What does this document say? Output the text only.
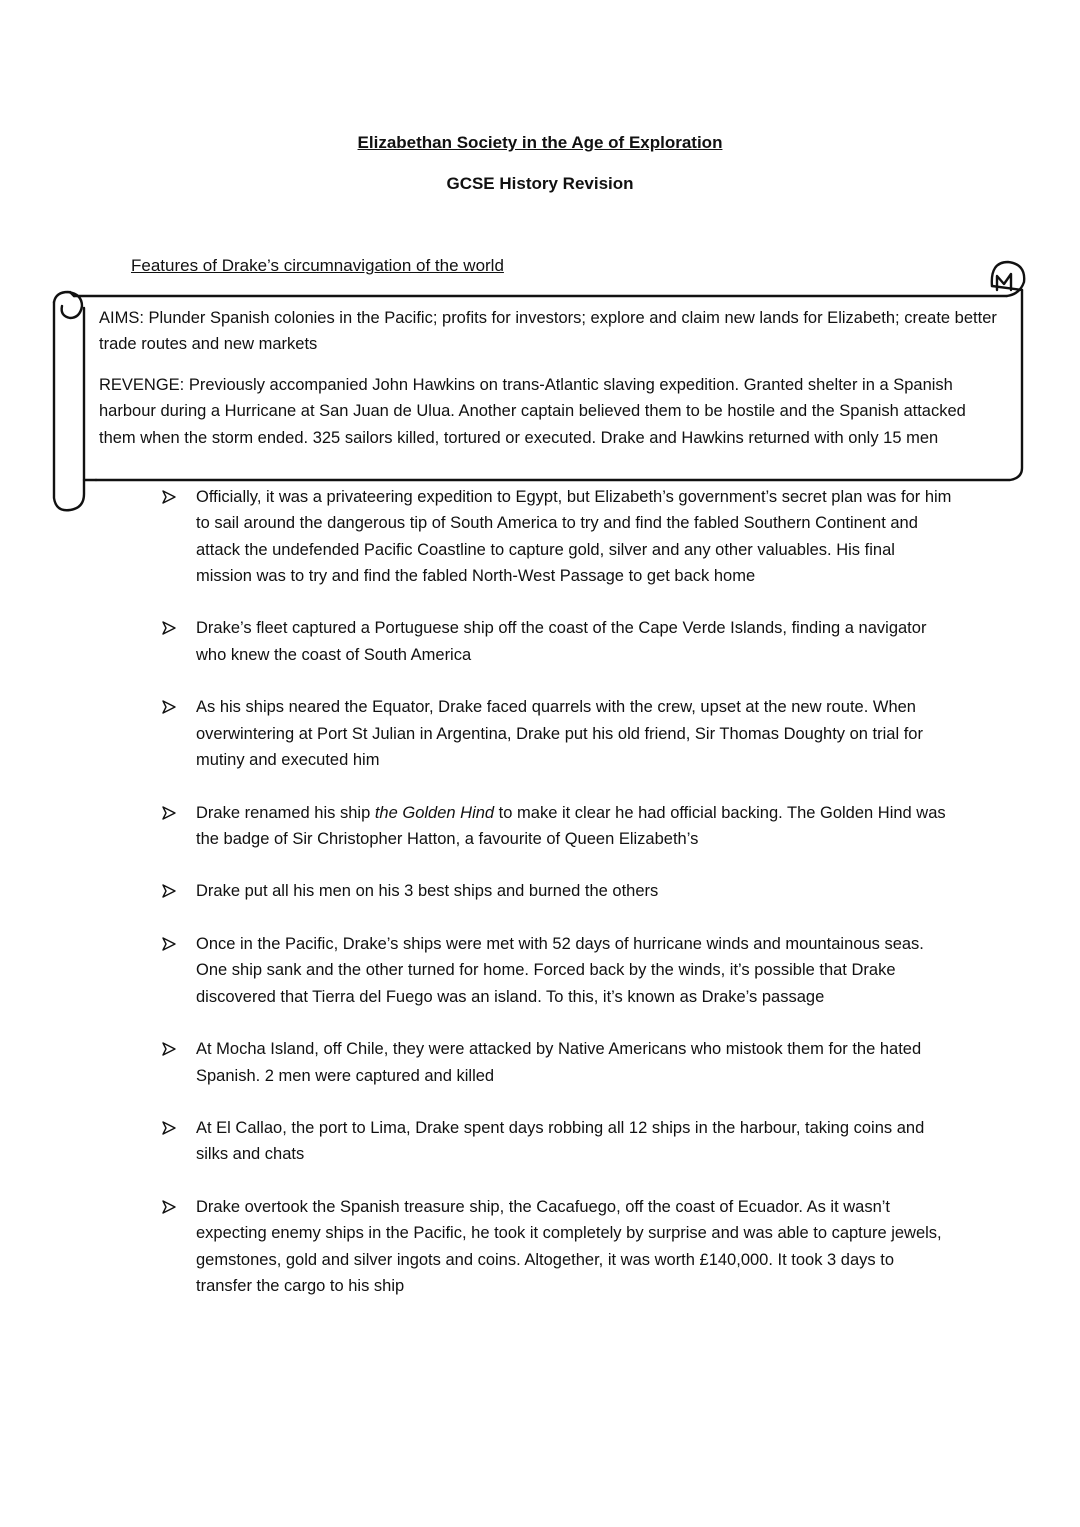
Elizabethan Society in the Age of Exploration
GCSE History Revision
Features of Drake’s circumnavigation of the world
AIMS: Plunder Spanish colonies in the Pacific; profits for investors; explore and claim new lands for Elizabeth; create better trade routes and new markets
REVENGE: Previously accompanied John Hawkins on trans-Atlantic slaving expedition. Granted shelter in a Spanish harbour during a Hurricane at San Juan de Ulua. Another captain believed them to be hostile and the Spanish attacked them when the storm ended. 325 sailors killed, tortured or executed. Drake and Hawkins returned with only 15 men
Officially, it was a privateering expedition to Egypt, but Elizabeth’s government’s secret plan was for him to sail around the dangerous tip of South America to try and find the fabled Southern Continent and attack the undefended Pacific Coastline to capture gold, silver and any other valuables. His final mission was to try and find the fabled North-West Passage to get back home
Drake’s fleet captured a Portuguese ship off the coast of the Cape Verde Islands, finding a navigator who knew the coast of South America
As his ships neared the Equator, Drake faced quarrels with the crew, upset at the new route. When overwintering at Port St Julian in Argentina, Drake put his old friend, Sir Thomas Doughty on trial for mutiny and executed him
Drake renamed his ship the Golden Hind to make it clear he had official backing. The Golden Hind was the badge of Sir Christopher Hatton, a favourite of Queen Elizabeth’s
Drake put all his men on his 3 best ships and burned the others
Once in the Pacific, Drake’s ships were met with 52 days of hurricane winds and mountainous seas. One ship sank and the other turned for home. Forced back by the winds, it’s possible that Drake discovered that Tierra del Fuego was an island. To this, it’s known as Drake’s passage
At Mocha Island, off Chile, they were attacked by Native Americans who mistook them for the hated Spanish. 2 men were captured and killed
At El Callao, the port to Lima, Drake spent days robbing all 12 ships in the harbour, taking coins and silks and chats
Drake overtook the Spanish treasure ship, the Cacafuego, off the coast of Ecuador. As it wasn’t expecting enemy ships in the Pacific, he took it completely by surprise and was able to capture jewels, gemstones, gold and silver ingots and coins. Altogether, it was worth £140,000. It took 3 days to transfer the cargo to his ship
